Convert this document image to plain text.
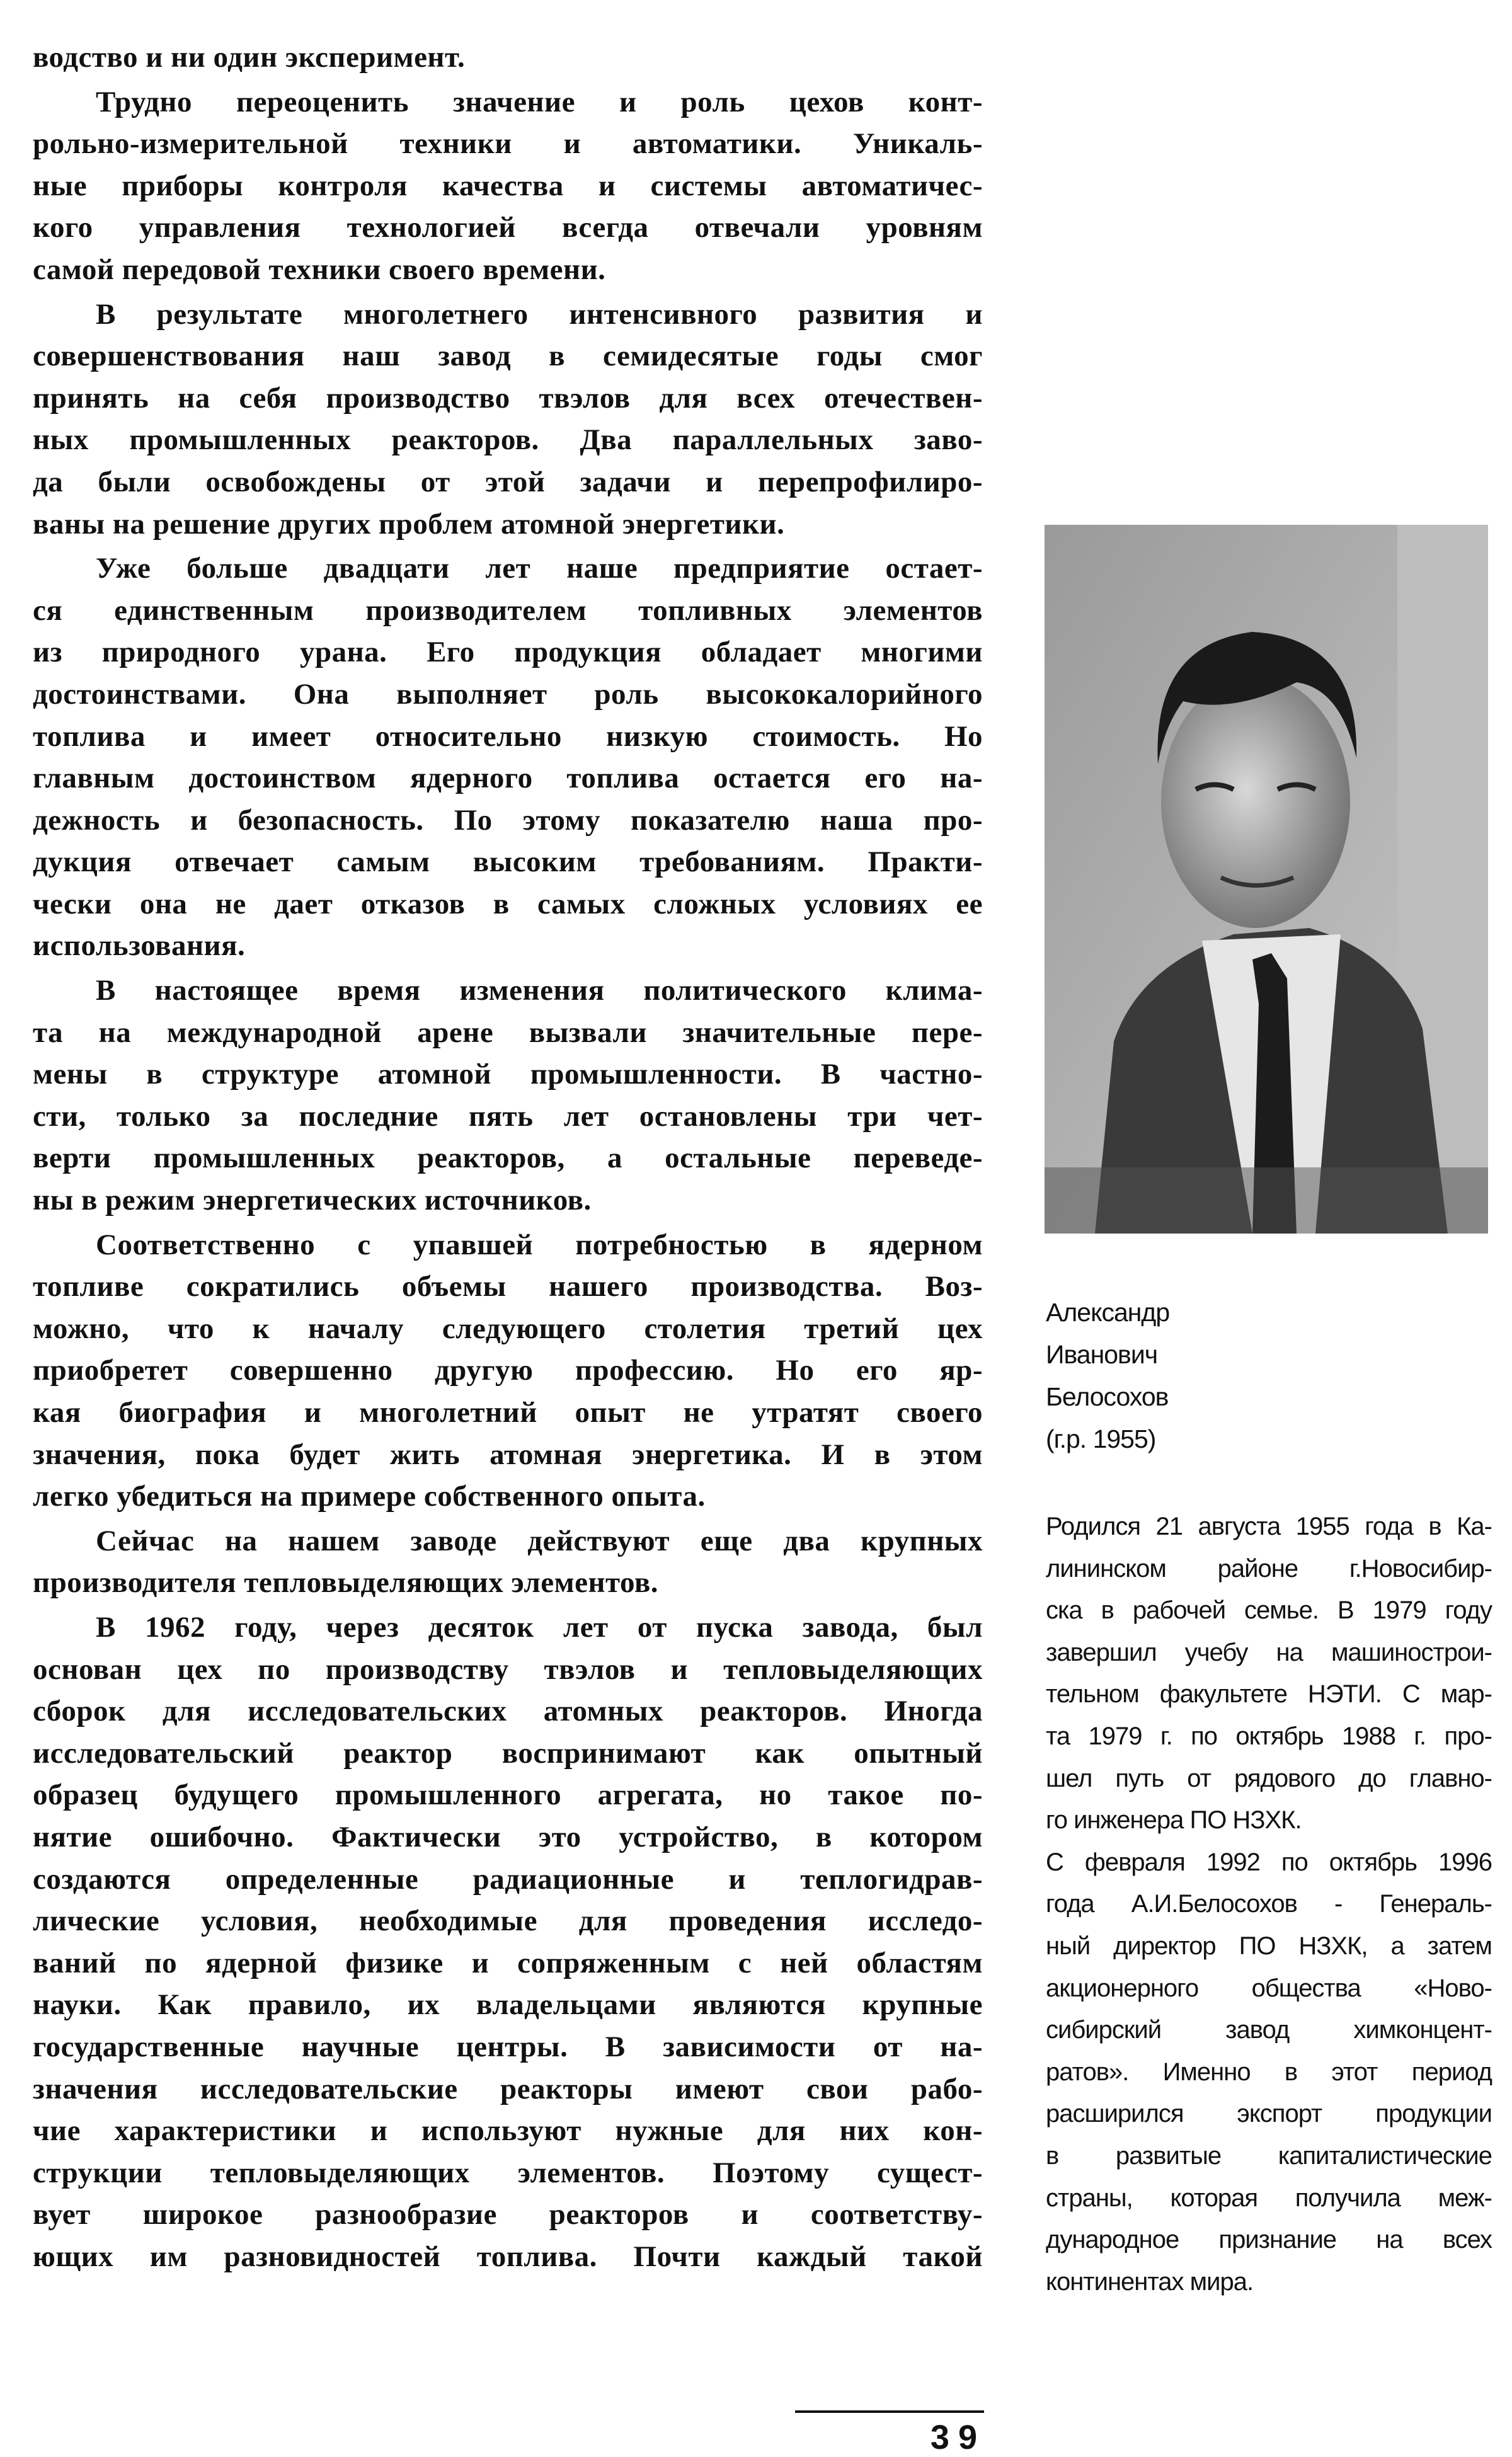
водство и ни один эксперимент.
Трудно переоценить значение и роль цехов конт-
рольно-измерительной техники и автоматики. Уникаль-
ные приборы контроля качества и системы автоматичес-
кого управления технологией всегда отвечали уровням
самой передовой техники своего времени.
В результате многолетнего интенсивного развития и
совершенствования наш завод в семидесятые годы смог
принять на себя производство твэлов для всех отечествен-
ных промышленных реакторов. Два параллельных заво-
да были освобождены от этой задачи и перепрофилиро-
ваны на решение других проблем атомной энергетики.
Уже больше двадцати лет наше предприятие остает-
ся единственным производителем топливных элементов
из природного урана. Его продукция обладает многими
достоинствами. Она выполняет роль высококалорийного
топлива и имеет относительно низкую стоимость. Но
главным достоинством ядерного топлива остается его на-
дежность и безопасность. По этому показателю наша про-
дукция отвечает самым высоким требованиям. Практи-
чески она не дает отказов в самых сложных условиях ее
использования.
В настоящее время изменения политического клима-
та на международной арене вызвали значительные пере-
мены в структуре атомной промышленности. В частно-
сти, только за последние пять лет остановлены три чет-
верти промышленных реакторов, а остальные переведе-
ны в режим энергетических источников.
Соответственно с упавшей потребностью в ядерном
топливе сократились объемы нашего производства. Воз-
можно, что к началу следующего столетия третий цех
приобретет совершенно другую профессию. Но его яр-
кая биография и многолетний опыт не утратят своего
значения, пока будет жить атомная энергетика. И в этом
легко убедиться на примере собственного опыта.
Сейчас на нашем заводе действуют еще два крупных
производителя тепловыделяющих элементов.
В 1962 году, через десяток лет от пуска завода, был
основан цех по производству твэлов и тепловыделяющих
сборок для исследовательских атомных реакторов. Иногда
исследовательский реактор воспринимают как опытный
образец будущего промышленного агрегата, но такое по-
нятие ошибочно. Фактически это устройство, в котором
создаются определенные радиационные и теплогидрав-
лические условия, необходимые для проведения исследо-
ваний по ядерной физике и сопряженным с ней областям
науки. Как правило, их владельцами являются крупные
государственные научные центры. В зависимости от на-
значения исследовательские реакторы имеют свои рабо-
чие характеристики и используют нужные для них кон-
струкции тепловыделяющих элементов. Поэтому сущест-
вует широкое разнообразие реакторов и соответству-
ющих им разновидностей топлива. Почти каждый такой
Александр
Иванович
Белосохов
(г.р. 1955)
Родился 21 августа 1955 года в Ка-
лининском районе г.Новосибир-
ска в рабочей семье. В 1979 году
завершил учебу на машинострои-
тельном факультете НЭТИ. С мар-
та 1979 г. по октябрь 1988 г. про-
шел путь от рядового до главно-
го инженера ПО НЗХК.
С февраля 1992 по октябрь 1996
года А.И.Белосохов - Генераль-
ный директор ПО НЗХК, а затем
акционерного общества «Ново-
сибирский завод химконцент-
ратов». Именно в этот период
расширился экспорт продукции
в развитые капиталистические
страны, которая получила меж-
дународное признание на всех
континентах мира.
39
